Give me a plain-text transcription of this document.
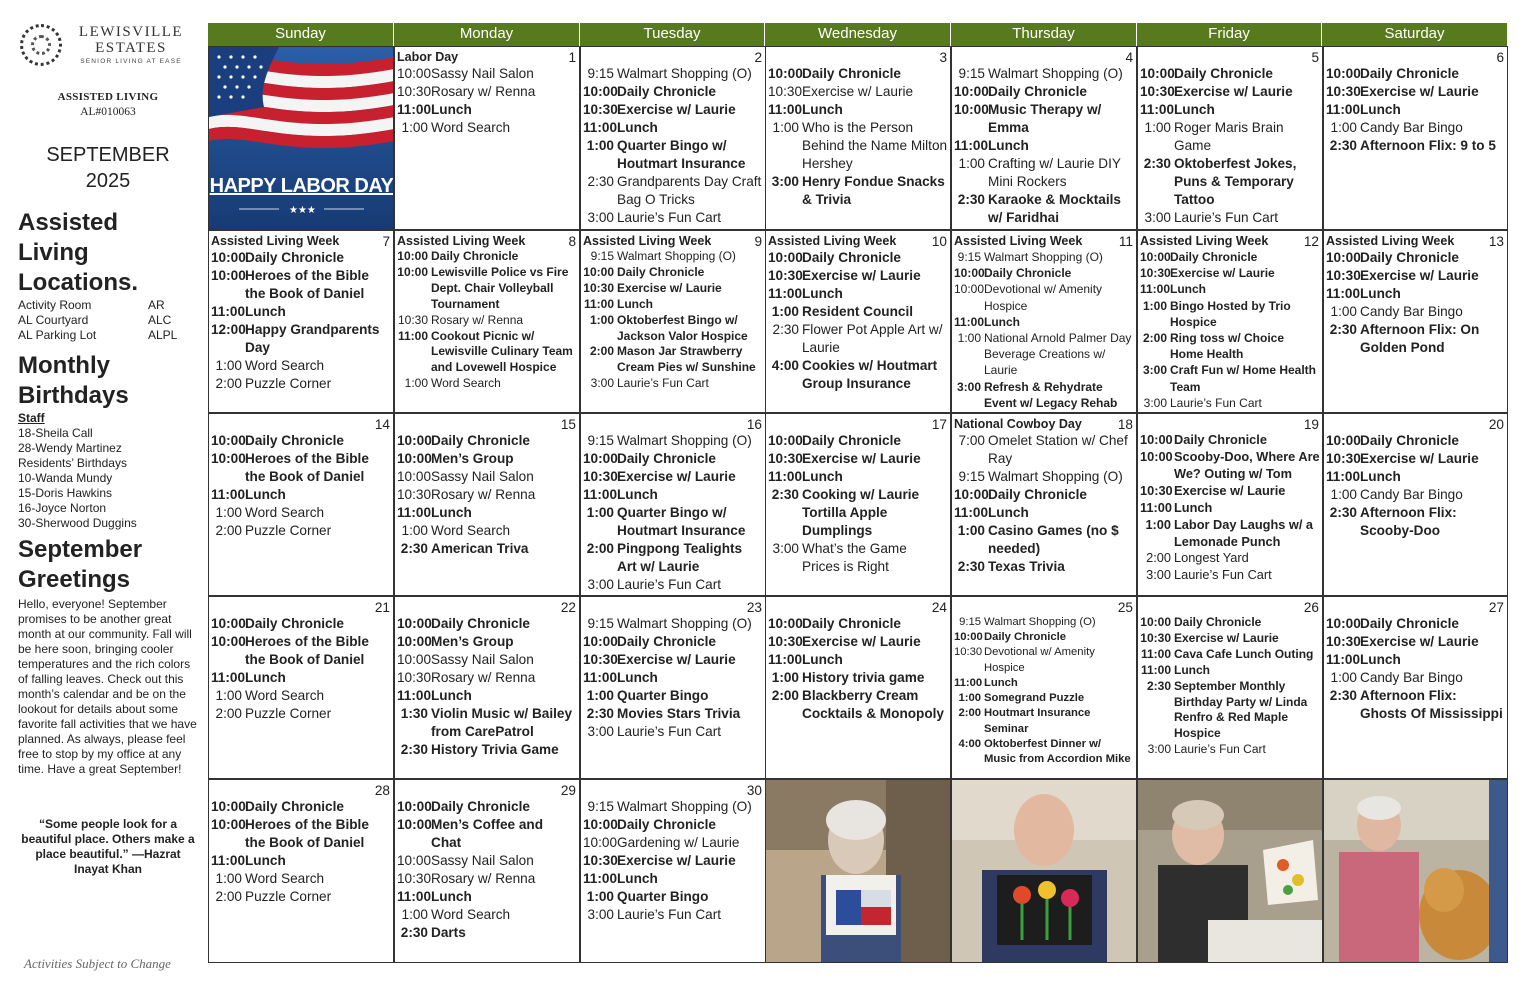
LEWISVILLE ESTATES
SENIOR LIVING AT EASE
ASSISTED LIVING
AL#010063
SEPTEMBER
2025
Assisted Living Locations.
Activity Room	AR
AL Courtyard	ALC
AL Parking Lot	ALPL
Monthly Birthdays
Staff
18-Sheila Call
28-Wendy Martinez
Residents’ Birthdays
10-Wanda Mundy
15-Doris Hawkins
16-Joyce Norton
30-Sherwood Duggins
September Greetings
Hello, everyone! September promises to be another great month at our community. Fall will be here soon, bringing cooler temperatures and the rich colors of falling leaves. Check out this month’s calendar and be on the lookout for details about some favorite fall activities that we have planned. As always, please feel free to stop by my office at any time. Have a great September!
“Some people look for a beautiful place. Others make a place beautiful.” —Hazrat Inayat Khan
Activities Subject to Change
Sunday	Monday	Tuesday	Wednesday	Thursday	Friday	Saturday
1
Labor Day
10:00Sassy Nail Salon
10:30Rosary w/ Renna
11:00Lunch
1:00 Word Search
2
9:15 Walmart Shopping (O)
10:00Daily Chronicle
10:30Exercise w/ Laurie
11:00Lunch
1:00 Quarter Bingo w/ Houtmart Insurance
2:30 Grandparents Day Craft Bag O Tricks
3:00 Laurie’s Fun Cart
3
10:00Daily Chronicle
10:30Exercise w/ Laurie
11:00Lunch
1:00 Who is the Person Behind the Name Milton Hershey
3:00 Henry Fondue Snacks & Trivia
4
9:15 Walmart Shopping (O)
10:00Daily Chronicle
10:00Music Therapy w/ Emma
11:00Lunch
1:00 Crafting w/ Laurie DIY Mini Rockers
2:30 Karaoke & Mocktails w/ Faridhai
5
10:00Daily Chronicle
10:30Exercise w/ Laurie
11:00Lunch
1:00 Roger Maris Brain Game
2:30 Oktoberfest Jokes, Puns & Temporary Tattoo
3:00 Laurie’s Fun Cart
6
10:00Daily Chronicle
10:30Exercise w/ Laurie
11:00Lunch
1:00 Candy Bar Bingo
2:30 Afternoon Flix: 9 to 5
7
Assisted Living Week
10:00Daily Chronicle
10:00Heroes of the Bible the Book of Daniel
11:00Lunch
12:00Happy Grandparents Day
1:00 Word Search
2:00 Puzzle Corner
8
Assisted Living Week
10:00 Daily Chronicle
10:00 Lewisville Police vs Fire Dept. Chair Volleyball Tournament
10:30 Rosary w/ Renna
11:00 Cookout Picnic w/ Lewisville Culinary Team and Lovewell Hospice
1:00 Word Search
9
Assisted Living Week
9:15 Walmart Shopping (O)
10:00 Daily Chronicle
10:30 Exercise w/ Laurie
11:00 Lunch
1:00 Oktoberfest Bingo w/ Jackson Valor Hospice
2:00 Mason Jar Strawberry Cream Pies w/ Sunshine
3:00 Laurie’s Fun Cart
10
Assisted Living Week
10:00Daily Chronicle
10:30Exercise w/ Laurie
11:00Lunch
1:00 Resident Council
2:30 Flower Pot Apple Art w/ Laurie
4:00 Cookies w/ Houtmart Group Insurance
11
Assisted Living Week
9:15 Walmart Shopping (O)
10:00Daily Chronicle
10:00Devotional w/ Amenity Hospice
11:00Lunch
1:00 National Arnold Palmer Day Beverage Creations w/ Laurie
3:00 Refresh & Rehydrate Event w/ Legacy Rehab
12
Assisted Living Week
10:00Daily Chronicle
10:30Exercise w/ Laurie
11:00Lunch
1:00 Bingo Hosted by Trio Hospice
2:00 Ring toss w/ Choice Home Health
3:00 Craft Fun w/ Home Health Team
3:00 Laurie’s Fun Cart
13
Assisted Living Week
10:00Daily Chronicle
10:30Exercise w/ Laurie
11:00Lunch
1:00 Candy Bar Bingo
2:30 Afternoon Flix: On Golden Pond
14
10:00Daily Chronicle
10:00Heroes of the Bible the Book of Daniel
11:00Lunch
1:00 Word Search
2:00 Puzzle Corner
15
10:00Daily Chronicle
10:00Men’s Group
10:00Sassy Nail Salon
10:30Rosary w/ Renna
11:00Lunch
1:00 Word Search
2:30 American Triva
16
9:15 Walmart Shopping (O)
10:00Daily Chronicle
10:30Exercise w/ Laurie
11:00Lunch
1:00 Quarter Bingo w/ Houtmart Insurance
2:00 Pingpong Tealights Art w/ Laurie
3:00 Laurie’s Fun Cart
17
10:00Daily Chronicle
10:30Exercise w/ Laurie
11:00Lunch
2:30 Cooking w/ Laurie Tortilla Apple Dumplings
3:00 What’s the Game Prices is Right
18
National Cowboy Day
7:00 Omelet Station w/ Chef Ray
9:15 Walmart Shopping (O)
10:00Daily Chronicle
11:00Lunch
1:00 Casino Games (no $ needed)
2:30 Texas Trivia
19
10:00Daily Chronicle
10:00Scooby-Doo, Where Are We? Outing w/ Tom
10:30Exercise w/ Laurie
11:00 Lunch
1:00 Labor Day Laughs w/ a Lemonade Punch
2:00 Longest Yard
3:00 Laurie’s Fun Cart
20
10:00Daily Chronicle
10:30Exercise w/ Laurie
11:00Lunch
1:00 Candy Bar Bingo
2:30 Afternoon Flix: Scooby-Doo
21
10:00Daily Chronicle
10:00Heroes of the Bible the Book of Daniel
11:00Lunch
1:00 Word Search
2:00 Puzzle Corner
22
10:00Daily Chronicle
10:00Men’s Group
10:00Sassy Nail Salon
10:30Rosary w/ Renna
11:00Lunch
1:30 Violin Music w/ Bailey from CarePatrol
2:30 History Trivia Game
23
9:15 Walmart Shopping (O)
10:00Daily Chronicle
10:30Exercise w/ Laurie
11:00Lunch
1:00 Quarter Bingo
2:30 Movies Stars Trivia
3:00 Laurie’s Fun Cart
24
10:00Daily Chronicle
10:30Exercise w/ Laurie
11:00Lunch
1:00 History trivia game
2:00 Blackberry Cream Cocktails & Monopoly
25
9:15 Walmart Shopping (O)
10:00Daily Chronicle
10:30 Devotional w/ Amenity Hospice
11:00 Lunch
1:00 Somegrand Puzzle
2:00 Houtmart Insurance Seminar
4:00 Oktoberfest Dinner w/ Music from Accordion Mike
26
10:00 Daily Chronicle
10:30 Exercise w/ Laurie
11:00 Cava Cafe Lunch Outing
11:00 Lunch
2:30 September Monthly Birthday Party w/ Linda Renfro & Red Maple Hospice
3:00 Laurie’s Fun Cart
27
10:00Daily Chronicle
10:30Exercise w/ Laurie
11:00Lunch
1:00 Candy Bar Bingo
2:30 Afternoon Flix: Ghosts Of Mississippi
28
10:00Daily Chronicle
10:00Heroes of the Bible the Book of Daniel
11:00Lunch
1:00 Word Search
2:00 Puzzle Corner
29
10:00Daily Chronicle
10:00Men’s Coffee and Chat
10:00Sassy Nail Salon
10:30Rosary w/ Renna
11:00Lunch
1:00 Word Search
2:30 Darts
30
9:15 Walmart Shopping (O)
10:00Daily Chronicle
10:00Gardening w/ Laurie
10:30Exercise w/ Laurie
11:00Lunch
1:00 Quarter Bingo
3:00 Laurie’s Fun Cart
★★★
HAPPY LABOR DAY
